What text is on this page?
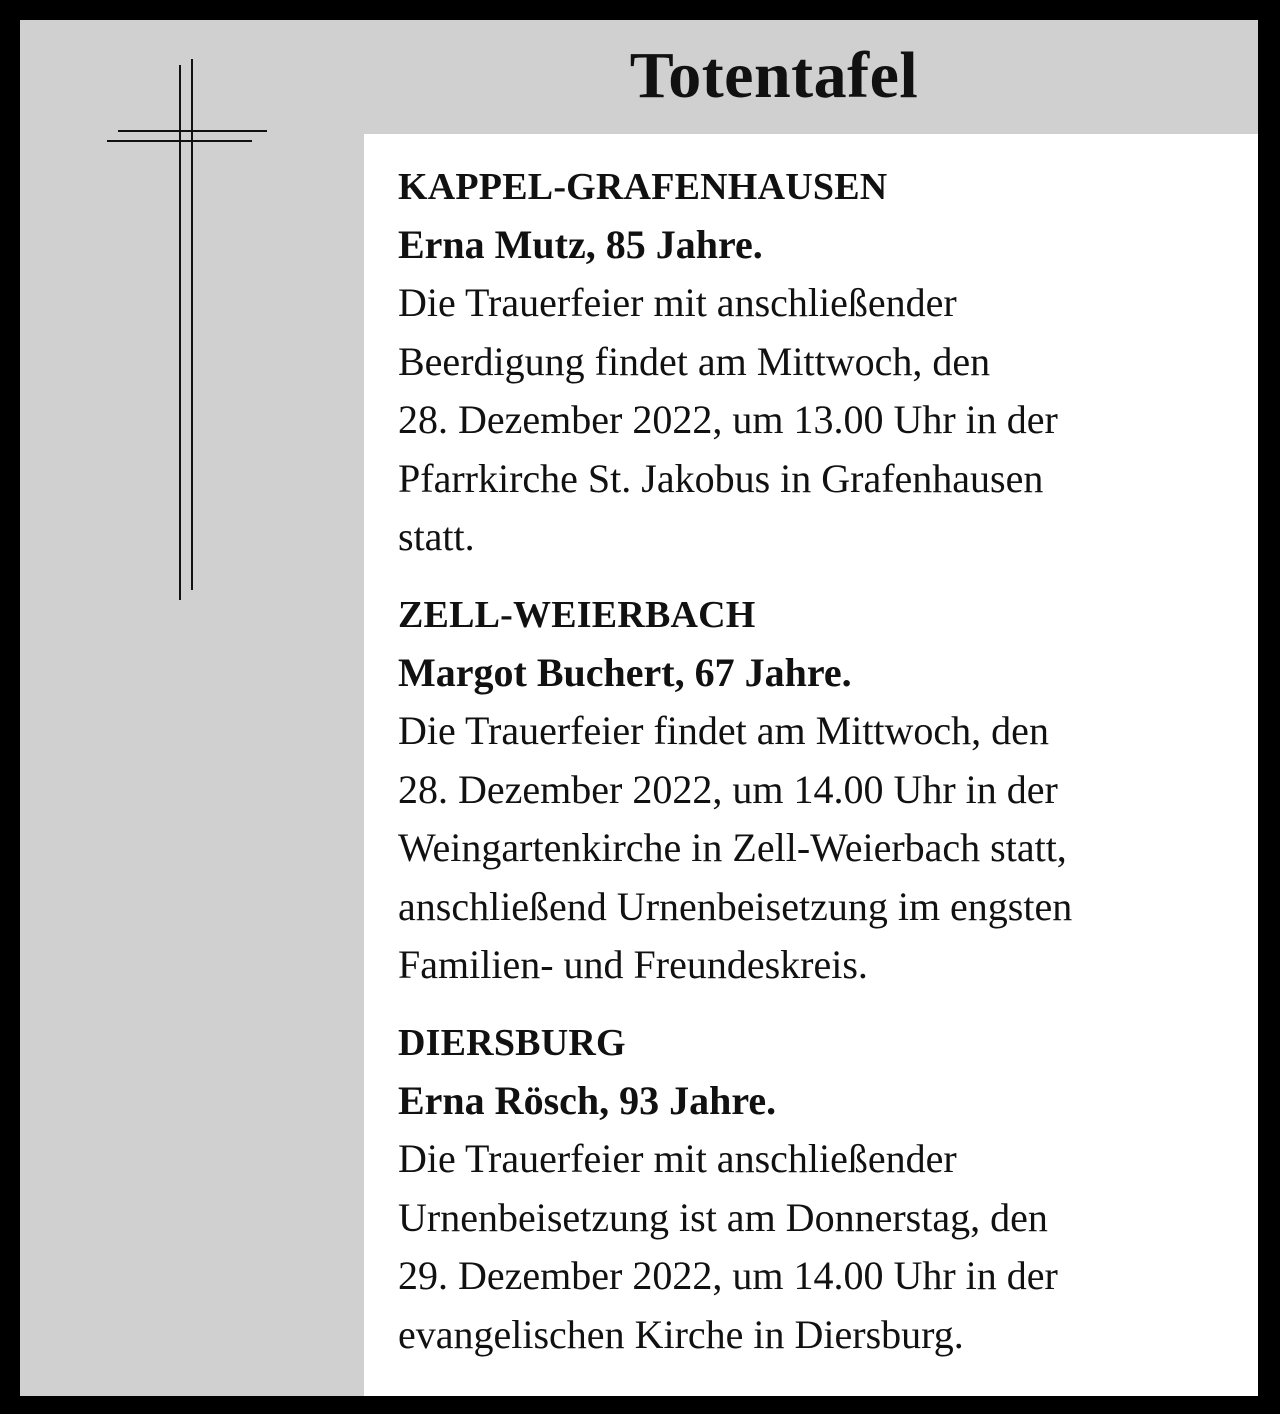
Totentafel
KAPPEL-GRAFENHAUSEN
Erna Mutz, 85 Jahre.
Die Trauerfeier mit anschließender
Beerdigung findet am Mittwoch, den
28. Dezember 2022, um 13.00 Uhr in der
Pfarrkirche St. Jakobus in Grafenhausen
statt.
ZELL-WEIERBACH
Margot Buchert, 67 Jahre.
Die Trauerfeier findet am Mittwoch, den
28. Dezember 2022, um 14.00 Uhr in der
Weingartenkirche in Zell-Weierbach statt,
anschließend Urnenbeisetzung im engsten
Familien- und Freundeskreis.
DIERSBURG
Erna Rösch, 93 Jahre.
Die Trauerfeier mit anschließender
Urnenbeisetzung ist am Donnerstag, den
29. Dezember 2022, um 14.00 Uhr in der
evangelischen Kirche in Diersburg.
